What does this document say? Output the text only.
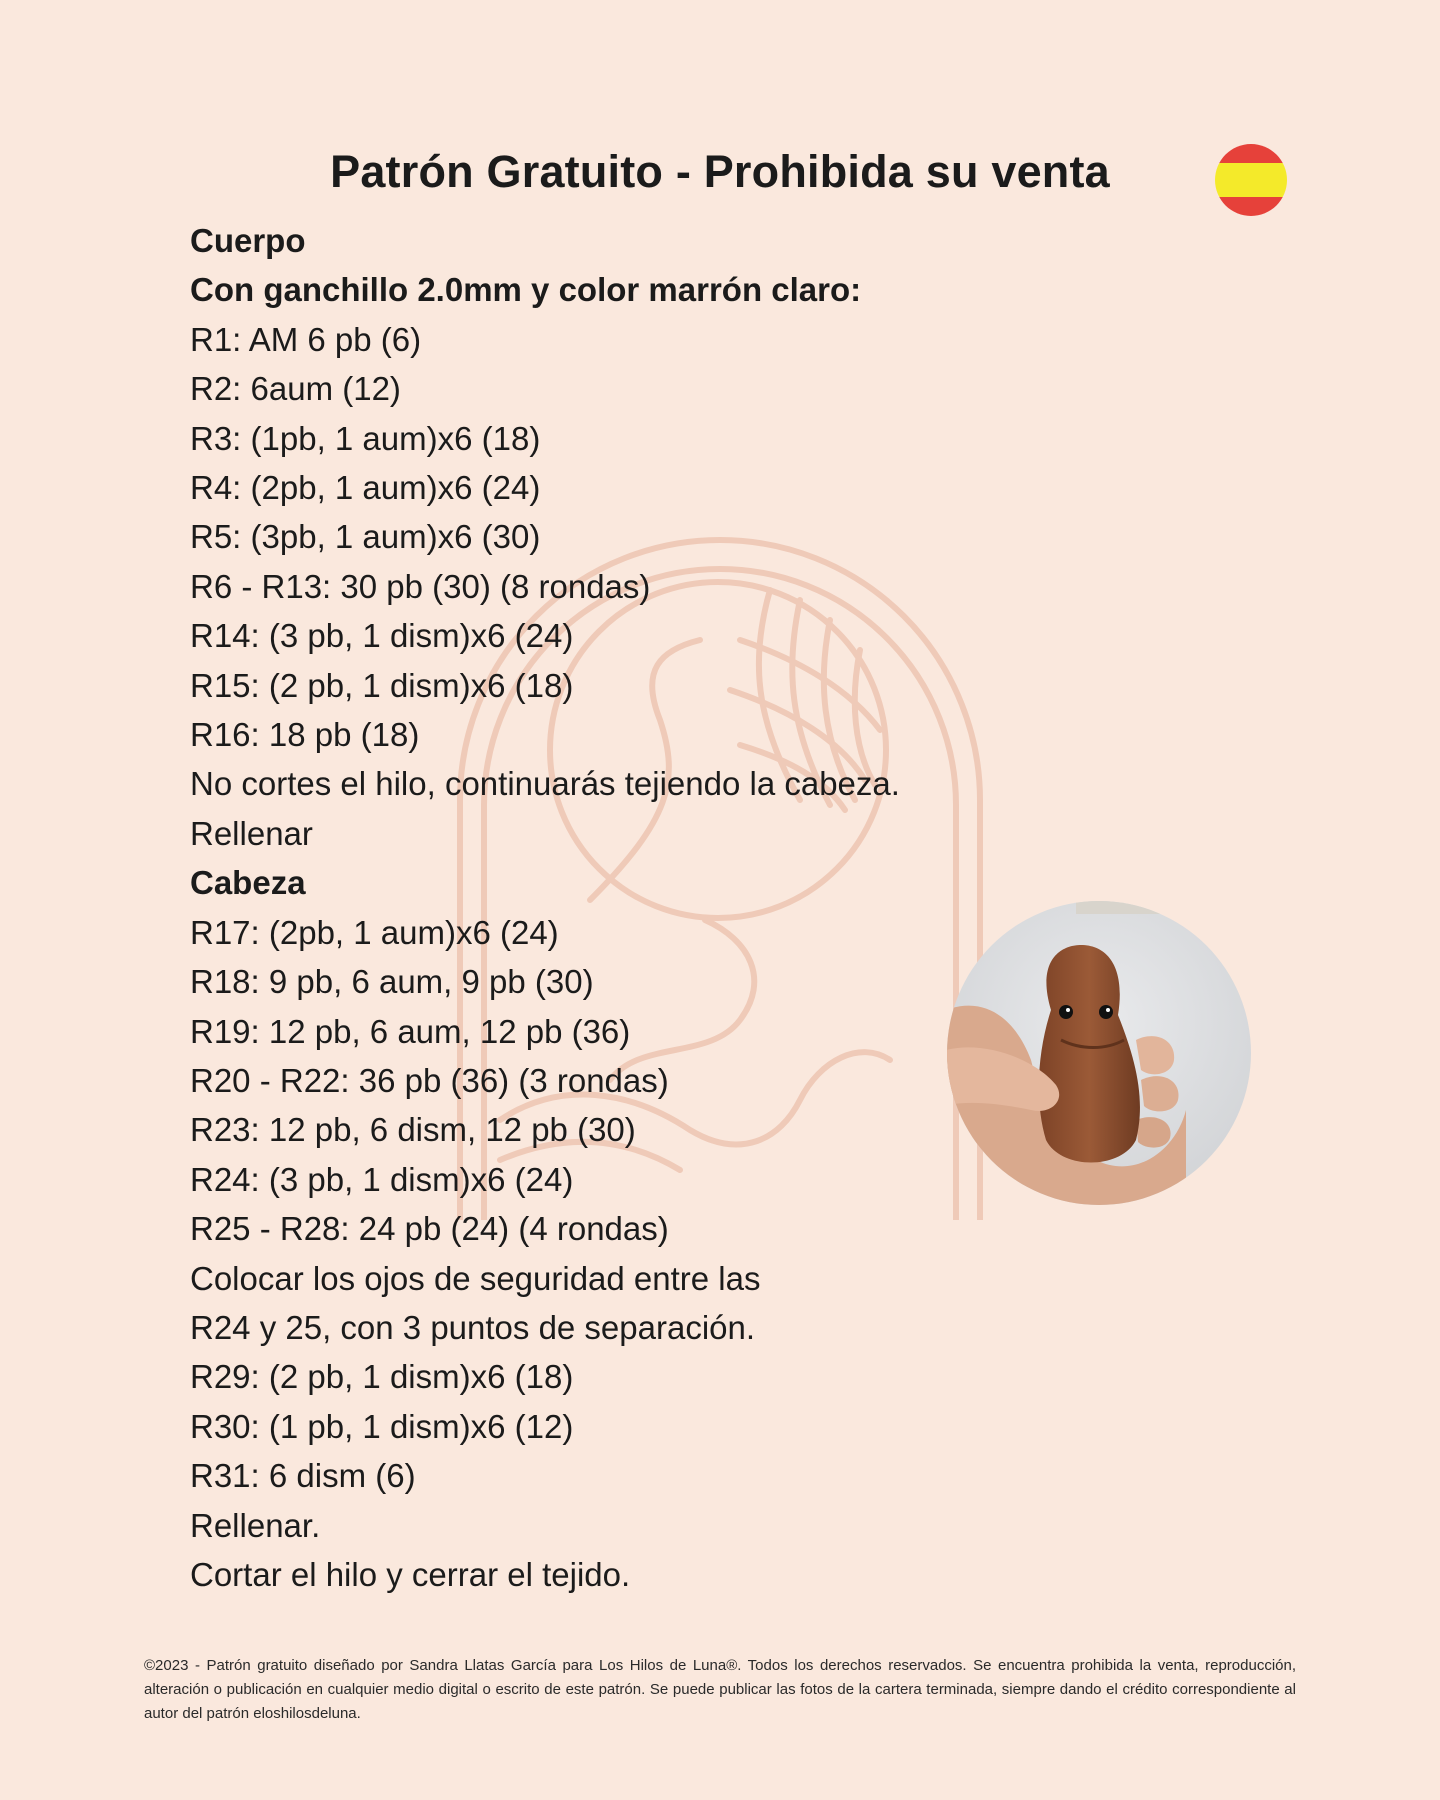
Patrón Gratuito - Prohibida su venta
Cuerpo
Con ganchillo 2.0mm y color marrón claro:
R1: AM 6 pb (6)
R2: 6aum (12)
R3: (1pb, 1 aum)x6 (18)
R4: (2pb, 1 aum)x6 (24)
R5: (3pb, 1 aum)x6 (30)
R6 - R13: 30 pb (30) (8 rondas)
R14: (3 pb, 1 dism)x6 (24)
R15: (2 pb, 1 dism)x6 (18)
R16: 18 pb (18)
No cortes el hilo, continuarás tejiendo la cabeza.
Rellenar
Cabeza
R17: (2pb, 1 aum)x6 (24)
R18: 9 pb, 6 aum, 9 pb (30)
R19: 12 pb, 6 aum, 12 pb (36)
R20 - R22: 36 pb (36) (3 rondas)
R23: 12 pb, 6 dism, 12 pb (30)
R24: (3 pb, 1 dism)x6 (24)
R25 - R28: 24 pb (24) (4 rondas)
Colocar los ojos de seguridad entre las
R24 y 25, con 3 puntos de separación.
R29: (2 pb, 1 dism)x6 (18)
R30: (1 pb, 1 dism)x6 (12)
R31: 6 dism (6)
Rellenar.
Cortar el hilo y cerrar el tejido.
©2023 - Patrón gratuito diseñado por Sandra Llatas García para Los Hilos de Luna®. Todos los derechos reservados. Se encuentra prohibida la venta, reproducción, alteración o publicación en cualquier medio digital o escrito de este patrón. Se puede publicar las fotos de la cartera terminada, siempre dando el crédito correspondiente al autor del patrón eloshilosdeluna.
